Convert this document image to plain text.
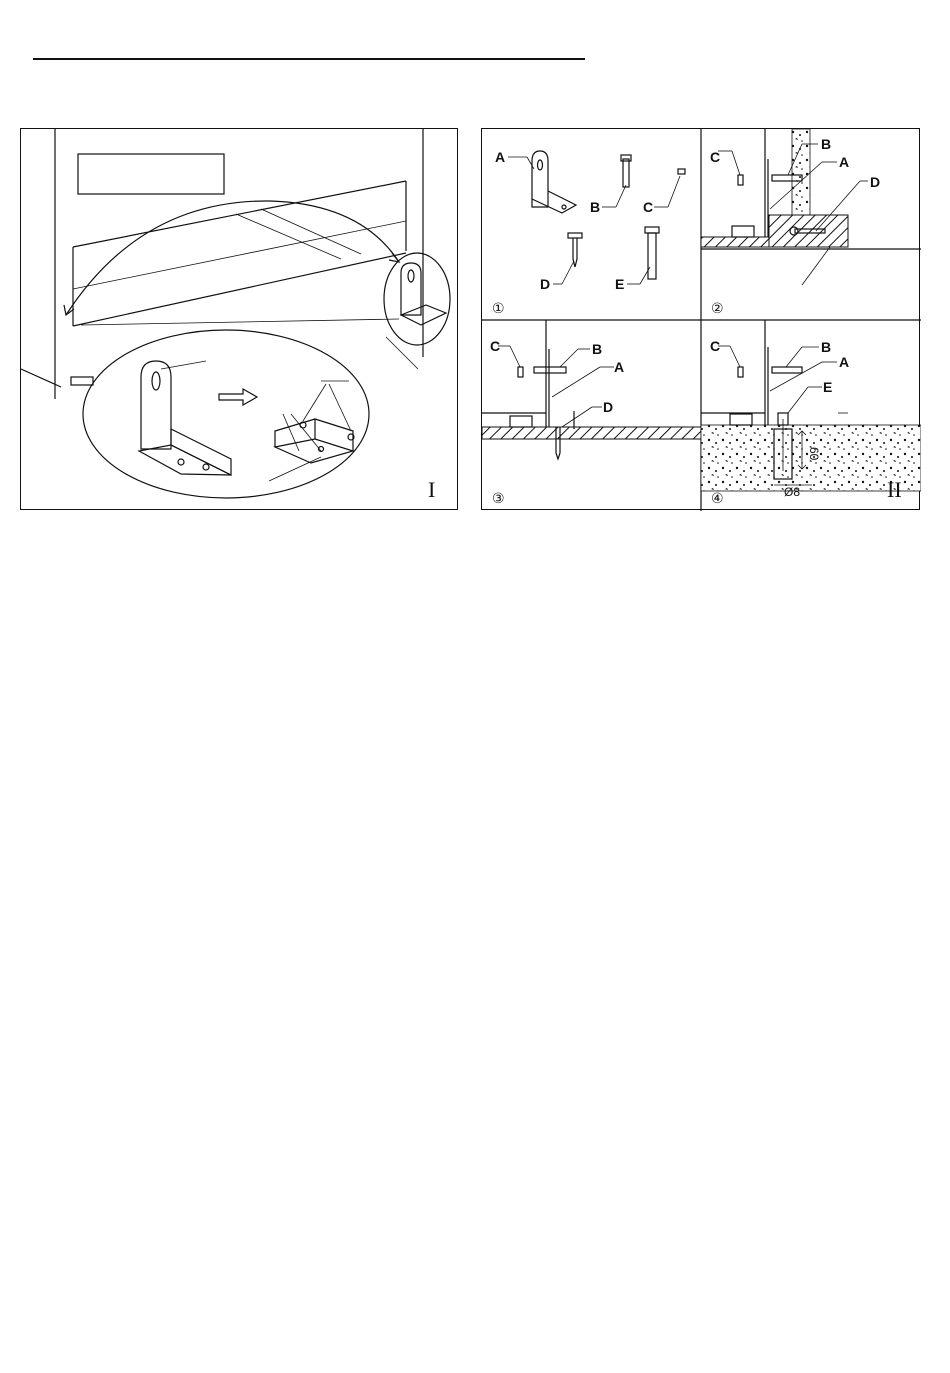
I
A
B	C
D	E
①
C
B
A
D
②
C	B
A
D
③
60
Ø8
C	B
A
E
④	II
